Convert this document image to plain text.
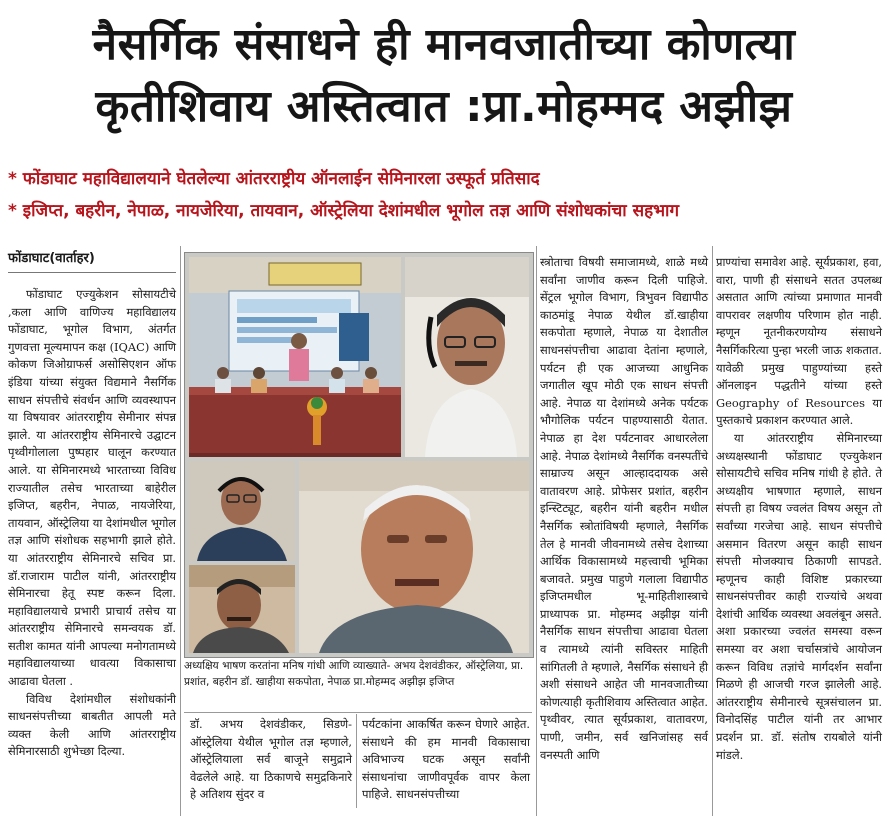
नैसर्गिक संसाधने ही मानवजातीच्या कोणत्या
कृतीशिवाय अस्तित्वात :प्रा.मोहम्मद अझीझ
* फोंडाघाट महाविद्यालयाने घेतलेल्या आंतरराष्ट्रीय ऑनलाईन सेमिनारला उस्फूर्त प्रतिसाद
* इजिप्त, बहरीन, नेपाळ, नायजेरिया, तायवान, ऑस्ट्रेलिया देशांमधील भूगोल तज्ञ आणि संशोधकांचा सहभाग
फोंडाघाट(वार्ताहर)

फोंडाघाट एज्युकेशन सोसायटीचे ,कला आणि वाणिज्य महाविद्यालय फोंडाघाट, भूगोल विभाग, अंतर्गत गुणवत्ता मूल्यमापन कक्ष (IQAC) आणि कोकण जिओग्राफर्स असोसिएशन ऑफ इंडिया यांच्या संयुक्त विद्यमाने नैसर्गिक साधन संपत्तीचे संवर्धन आणि व्यवस्थापन या विषयावर आंतरराष्ट्रीय सेमीनार संपन्न झाले. या आंतरराष्ट्रीय सेमिनारचे उद्घाटन पृथ्वीगोलाला पुष्पहार घालून करण्यात आले. या सेमिनारमध्ये भारताच्या विविध राज्यातील तसेच भारताच्या बाहेरील इजिप्त, बहरीन, नेपाळ, नायजेरिया, तायवान, ऑस्ट्रेलिया या देशांमधील भूगोल तज्ञ आणि संशोधक सहभागी झाले होते. या आंतरराष्ट्रीय सेमिनारचे सचिव प्रा. डॉ.राजाराम पाटील यांनी, आंतरराष्ट्रीय सेमिनारचा हेतू स्पष्ट करून दिला. महाविद्यालयाचे प्रभारी प्राचार्य तसेच या आंतरराष्ट्रीय सेमिनारचे समन्वयक डॉ. सतीश कामत यांनी आपल्या मनोगतामध्ये महाविद्यालयाच्या धावत्या विकासाचा आढावा घेतला .

विविध देशांमधील संशोधकांनी साधनसंपत्तीच्या बाबतीत आपली मते व्यक्त केली आणि आंतरराष्ट्रीय सेमिनारसाठी शुभेच्छा दिल्या.

अध्यक्षिय भाषण करतांना मनिष गांधी आणि व्याख्याते- अभय देशवंडीकर, ऑस्ट्रेलिया, प्रा. प्रशांत, बहरीन डॉ. खाहीया सकपोता, नेपाळ प्रा.मोहम्मद अझीझ इजिप्त
डॉ. अभय देशवंडीकर, सिडणे- ऑस्ट्रेलिया येथील भूगोल तज्ञ म्हणाले, ऑस्ट्रेलियाला सर्व बाजूने समुद्राने वेढलेले आहे. या ठिकाणचे समुद्रकिनारे हे अतिशय सुंदर व
पर्यटकांना आकर्षित करून घेणारे आहेत. संसाधने की हम मानवी विकासाचा अविभाज्य घटक असून सर्वांनी संसाधनांचा जाणीवपूर्वक वापर केला पाहिजे. साधनसंपत्तीच्या
स्त्रोताचा विषयी समाजामध्ये, शाळे मध्ये सर्वांना जाणीव करून दिली पाहिजे. सेंट्रल भूगोल विभाग, त्रिभुवन विद्यापीठ काठमांडू नेपाळ येथील डॉ.खाहीया सकपोता म्हणाले, नेपाळ या देशातील साधनसंपत्तीचा आढावा देतांना म्हणाले, पर्यटन ही एक आजच्या आधुनिक जगातील खूप मोठी एक साधन संपत्ती आहे. नेपाळ या देशांमध्ये अनेक पर्यटक भौगोलिक पर्यटन पाहण्यासाठी येतात. नेपाळ हा देश पर्यटनावर आधारलेला आहे. नेपाळ देशांमध्ये नैसर्गिक वनस्पतींचे साम्राज्य असून आल्हाददायक असे वातावरण आहे. प्रोफेसर प्रशांत, बहरीन इन्स्टिट्यूट, बहरीन यांनी बहरीन मधील नैसर्गिक स्त्रोतांविषयी म्हणाले, नैसर्गिक तेल हे मानवी जीवनामध्ये तसेच देशाच्या आर्थिक विकासामध्ये महत्त्वाची भूमिका बजावते. प्रमुख पाहुणे गलाला विद्यापीठ इजिप्तमधील भू-माहितीशास्त्राचे प्राध्यापक प्रा. मोहम्मद अझीझ यांनी नैसर्गिक साधन संपत्तीचा आढावा घेतला व त्यामध्ये त्यांनी सविस्तर माहिती सांगितली ते म्हणाले, नैसर्गिक संसाधने ही अशी संसाधने आहेत जी मानवजातीच्या कोणत्याही कृतीशिवाय अस्तित्वात आहेत. पृथ्वीवर, त्यात सूर्यप्रकाश, वातावरण, पाणी, जमीन, सर्व खनिजांसह सर्व वनस्पती आणि

प्राण्यांचा समावेश आहे. सूर्यप्रकाश, हवा, वारा, पाणी ही संसाधने सतत उपलब्ध असतात आणि त्यांच्या प्रमाणात मानवी वापरावर लक्षणीय परिणाम होत नाही. म्हणून नूतनीकरणयोग्य संसाधने नैसर्गिकरित्या पुन्हा भरली जाऊ शकतात. यावेळी प्रमुख पाहुण्यांच्या हस्ते ऑनलाइन पद्धतीने यांच्या हस्ते Geography of Resources या पुस्तकाचे प्रकाशन करण्यात आले.

या आंतरराष्ट्रीय सेमिनारच्या अध्यक्षस्थानी फोंडाघाट एज्युकेशन सोसायटीचे सचिव मनिष गांधी हे होते. ते अध्यक्षीय भाषणात म्हणाले, साधन संपत्ती हा विषय ज्वलंत विषय असून तो सर्वांच्या गरजेचा आहे. साधन संपत्तीचे असमान वितरण असून काही साधन संपत्ती मोजक्याच ठिकाणी सापडते. म्हणूनच काही विशिष्ट प्रकारच्या साधनसंपत्तीवर काही राज्यांचे अथवा देशांची आर्थिक व्यवस्था अवलंबून असते. अशा प्रकारच्या ज्वलंत समस्या वरून समस्या वर अशा चर्चासत्रांचे आयोजन करून विविध तज्ञांचे मार्गदर्शन सर्वांना मिळणे ही आजची गरज झालेली आहे. आंतरराष्ट्रीय सेमीनारचे सूत्रसंचालन प्रा. विनोदसिंह पाटील यांनी तर आभार प्रदर्शन प्रा. डॉ. संतोष रायबोले यांनी मांडले.
